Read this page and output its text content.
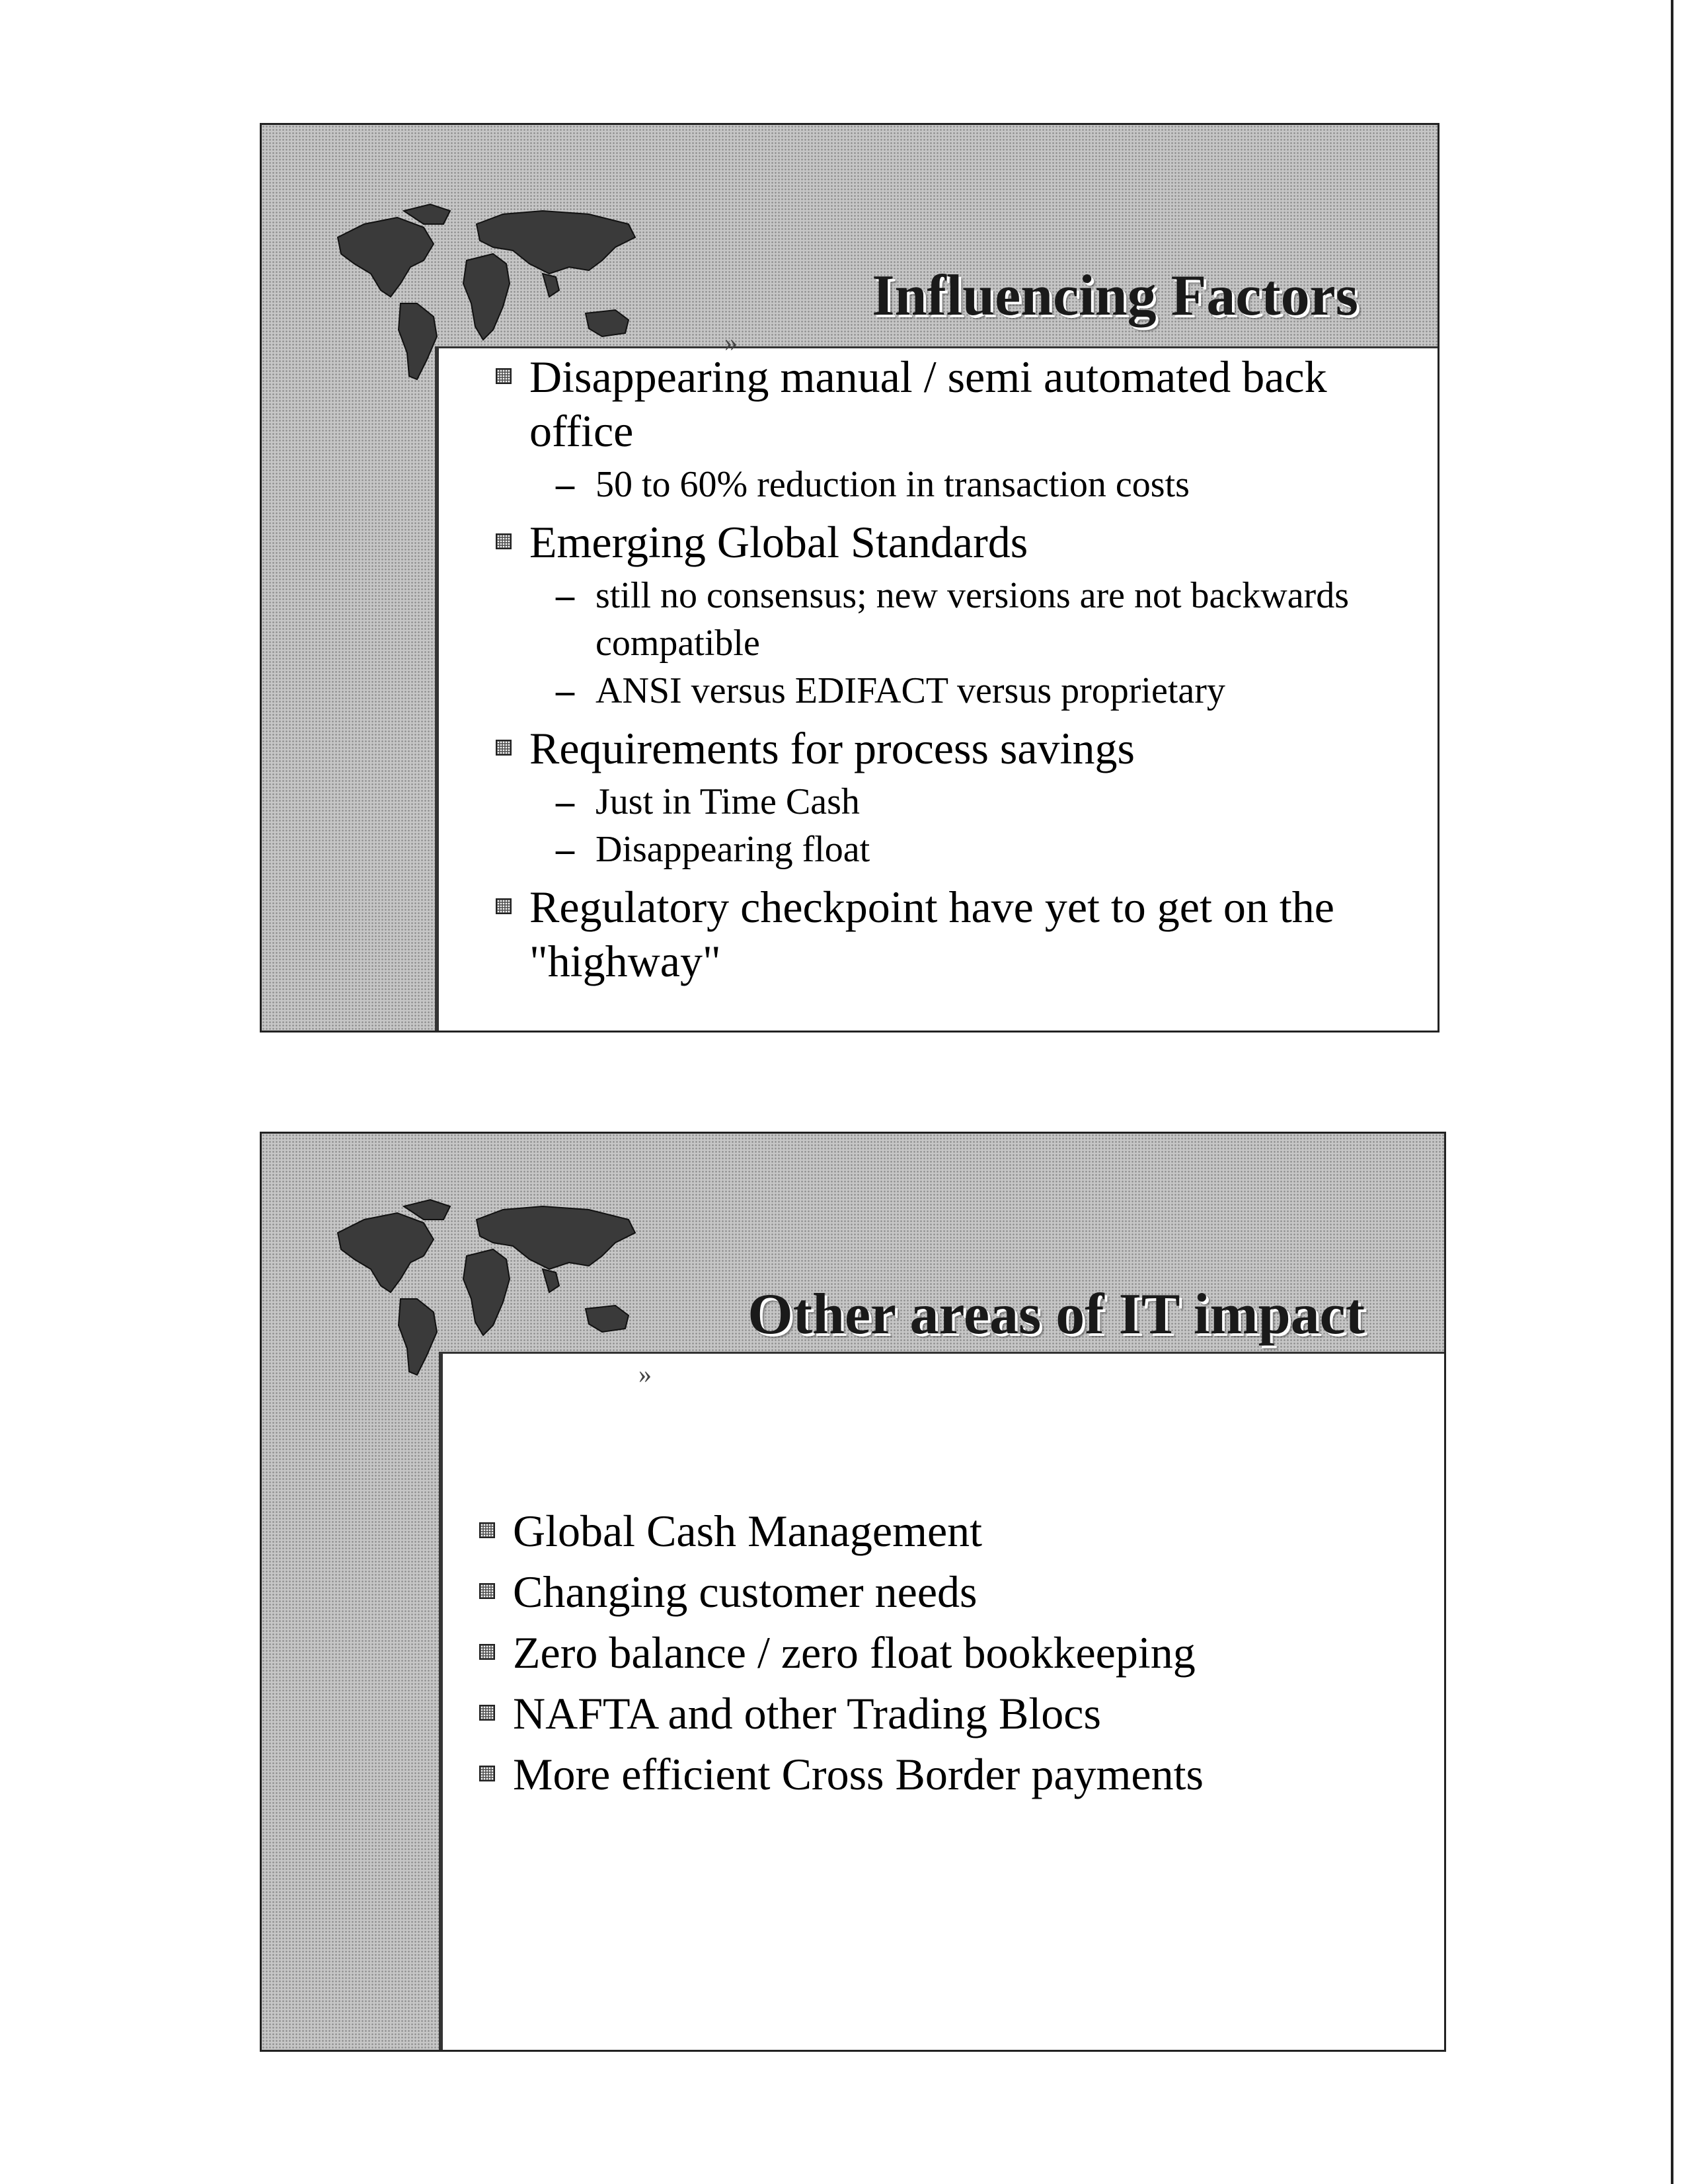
Influencing Factors
»
Disappearing manual / semi automated back office
– 50 to 60% reduction in transaction costs
Emerging Global Standards
– still no consensus; new versions are not backwards compatible
– ANSI versus EDIFACT versus proprietary
Requirements for process savings
– Just in Time Cash
– Disappearing float
Regulatory checkpoint have yet to get on the "highway"
Other areas of IT impact
»
Global Cash Management
Changing customer needs
Zero balance / zero float bookkeeping
NAFTA and other Trading Blocs
More efficient Cross Border payments
